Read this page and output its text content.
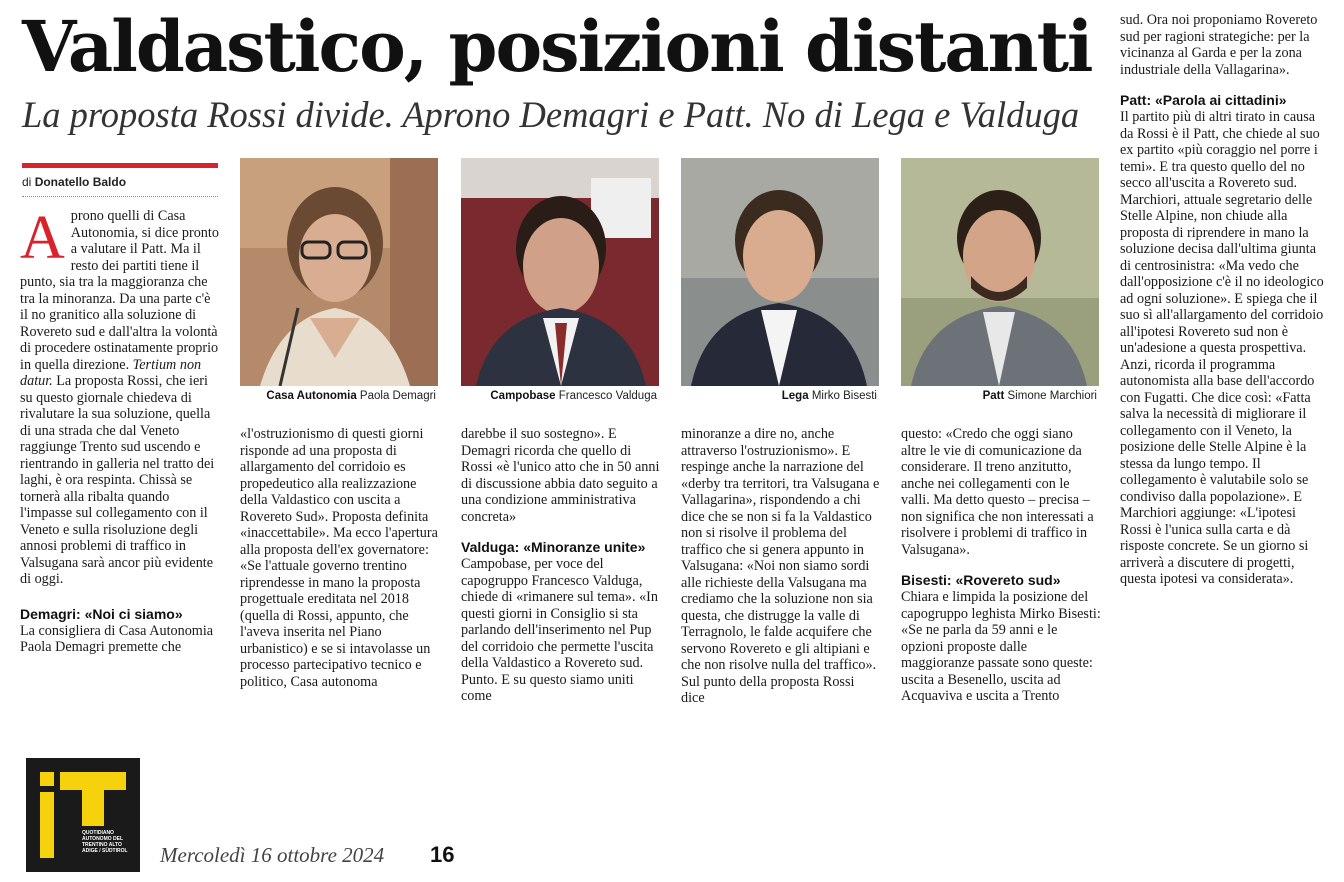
Valdastico, posizioni distanti
La proposta Rossi divide. Aprono Demagri e Patt. No di Lega e Valduga
di Donatello Baldo

Aprono quelli di Casa Autonomia, si dice pronto a valutare il Patt. Ma il resto dei partiti tiene il punto, sia tra la maggioranza che tra la minoranza. Da una parte c'è il no granitico alla soluzione di Rovereto sud e dall'altra la volontà di procedere ostinatamente proprio in quella direzione. Tertium non datur. La proposta Rossi, che ieri su questo giornale chiedeva di rivalutare la sua soluzione, quella di una strada che dal Veneto raggiunge Trento sud uscendo e rientrando in galleria nel tratto dei laghi, è ora respinta. Chissà se tornerà alla ribalta quando l'impasse sul collegamento con il Veneto e sulla risoluzione degli annosi problemi di traffico in Valsugana sarà ancor più evidente di oggi.

Demagri: «Noi ci siamo»

La consigliera di Casa Autonomia Paola Demagri premette che

Casa Autonomia Paola Demagri

«l'ostruzionismo di questi giorni risponde ad una proposta di allargamento del corridoio es propedeutico alla realizzazione della Valdastico con uscita a Rovereto Sud». Proposta definita «inaccettabile». Ma ecco l'apertura alla proposta dell'ex governatore: «Se l'attuale governo trentino riprendesse in mano la proposta progettuale ereditata nel 2018 (quella di Rossi, appunto, che l'aveva inserita nel Piano urbanistico) e se si intavolasse un processo partecipativo tecnico e politico, Casa autonoma

Campobase Francesco Valduga

darebbe il suo sostegno». E Demagri ricorda che quello di Rossi «è l'unico atto che in 50 anni di discussione abbia dato seguito a una condizione amministrativa concreta»

Valduga: «Minoranze unite»

Campobase, per voce del capogruppo Francesco Valduga, chiede di «rimanere sul tema». «In questi giorni in Consiglio si sta parlando dell'inserimento nel Pup del corridoio che permette l'uscita della Valdastico a Rovereto sud. Punto. E su questo siamo uniti come

Lega Mirko Bisesti

minoranze a dire no, anche attraverso l'ostruzionismo». E respinge anche la narrazione del «derby tra territori, tra Valsugana e Vallagarina», rispondendo a chi dice che se non si fa la Valdastico non si risolve il problema del traffico che si genera appunto in Valsugana: «Noi non siamo sordi alle richieste della Valsugana ma crediamo che la soluzione non sia questa, che distrugge la valle di Terragnolo, le falde acquifere che servono Rovereto e gli altipiani e che non risolve nulla del traffico». Sul punto della proposta Rossi dice

Patt Simone Marchiori

questo: «Credo che oggi siano altre le vie di comunicazione da considerare. Il treno anzitutto, anche nei collegamenti con le valli. Ma detto questo – precisa – non significa che non interessati a risolvere i problemi di traffico in Valsugana».

Bisesti: «Rovereto sud»

Chiara e limpida la posizione del capogruppo leghista Mirko Bisesti: «Se ne parla da 59 anni e le opzioni proposte dalle maggioranze passate sono queste: uscita a Besenello, uscita ad Acquaviva e uscita a Trento

sud. Ora noi proponiamo Rovereto sud per ragioni strategiche: per la vicinanza al Garda e per la zona industriale della Vallagarina».

Patt: «Parola ai cittadini»

Il partito più di altri tirato in causa da Rossi è il Patt, che chiede al suo ex partito «più coraggio nel porre i temi». E tra questo quello del no secco all'uscita a Rovereto sud. Marchiori, attuale segretario delle Stelle Alpine, non chiude alla proposta di riprendere in mano la soluzione decisa dall'ultima giunta di centrosinistra: «Ma vedo che dall'opposizione c'è il no ideologico ad ogni soluzione». E spiega che il suo sì all'allargamento del corridoio all'ipotesi Rovereto sud non è un'adesione a questa prospettiva. Anzi, ricorda il programma autonomista alla base dell'accordo con Fugatti. Che dice così: «Fatta salva la necessità di migliorare il collegamento con il Veneto, la posizione delle Stelle Alpine è la stessa da lungo tempo. Il collegamento è valutabile solo se condiviso dalla popolazione». E Marchiori aggiunge: «L'ipotesi Rossi è l'unica sulla carta e dà risposte concrete. Se un giorno si arriverà a discutere di progetti, questa ipotesi va considerata».

QUOTIDIANO AUTONOMO DEL TRENTINO ALTO ADIGE / SÜDTIROL	Mercoledì 16 ottobre 2024 16
